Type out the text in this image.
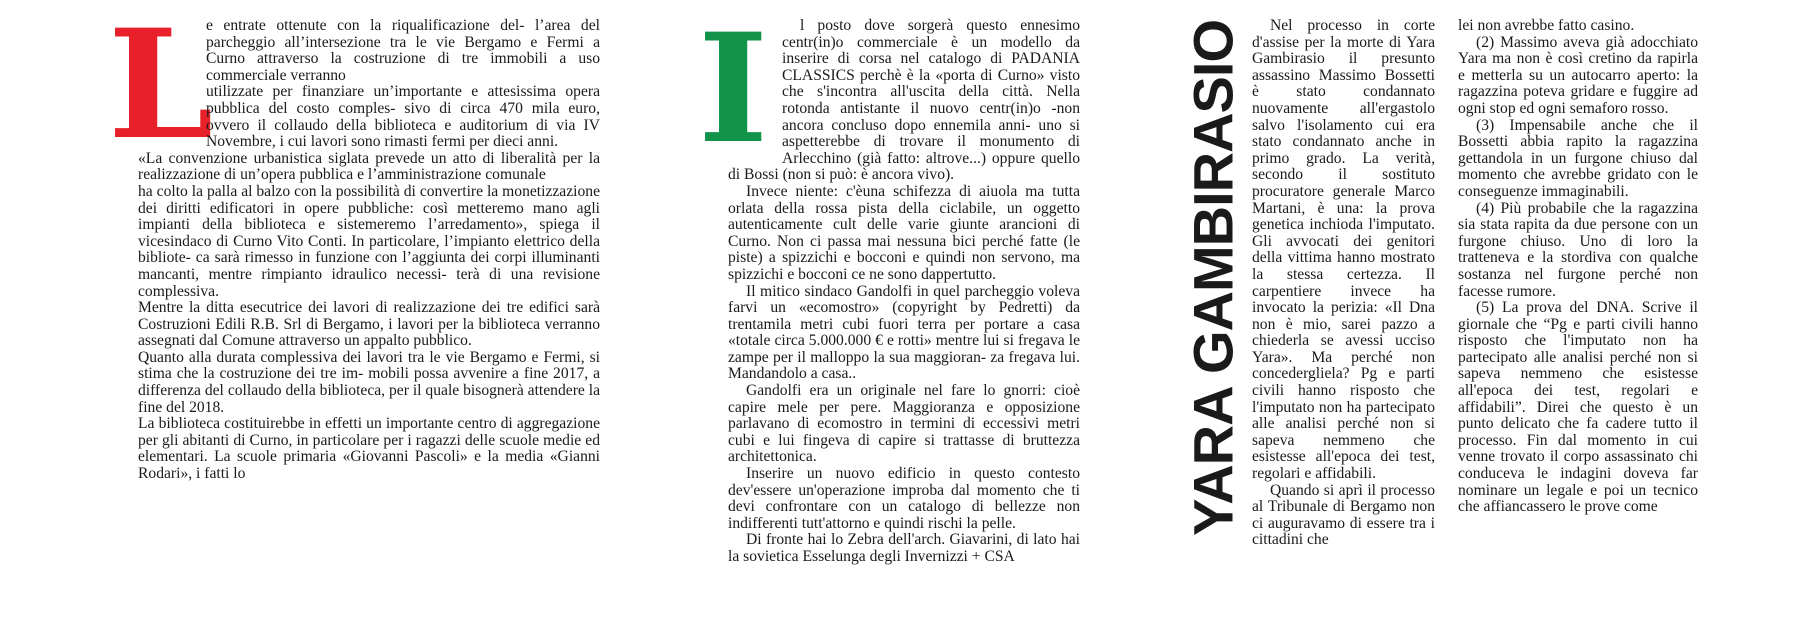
L

e entrate ottenute con la riqualificazione del- l’area del parcheggio all’intersezione tra le vie Bergamo e Fermi a Curno attraverso la costruzione di tre immobili a uso commerciale verranno

utilizzate per finanziare un’importante e attesissima opera pubblica del costo comples- sivo di circa 470 mila euro, ovvero il collaudo della biblioteca e auditorium di via IV Novembre, i cui lavori sono rimasti fermi per dieci anni.

«La convenzione urbanistica siglata prevede un atto di liberalità per la realizzazione di un’opera pubblica e l’amministrazione comunale

ha colto la palla al balzo con la possibilità di convertire la monetizzazione dei diritti edificatori in opere pubbliche: così metteremo mano agli impianti della biblioteca e sistemeremo l’arredamento», spiega il vicesindaco di Curno Vito Conti. In particolare, l’impianto elettrico della bibliote- ca sarà rimesso in funzione con l’aggiunta dei corpi illuminanti mancanti, mentre rimpianto idraulico necessi- terà di una revisione complessiva.

Mentre la ditta esecutrice dei lavori di realizzazione dei tre edifici sarà Costruzioni Edili R.B. Srl di Bergamo, i lavori per la biblioteca verranno assegnati dal Comune attraverso un appalto pubblico.

Quanto alla durata complessiva dei lavori tra le vie Bergamo e Fermi, si stima che la costruzione dei tre im- mobili possa avvenire a fine 2017, a differenza del collaudo della biblioteca, per il quale bisognerà attendere la fine del 2018.

La biblioteca costituirebbe in effetti un importante centro di aggregazione per gli abitanti di Curno, in particolare per i ragazzi delle scuole medie ed elementari. La scuole primaria «Giovanni Pascoli» e la media «Gianni Rodari», i fatti lo

I	l posto dove sorgerà questo ennesimo centr(in)o commerciale è un modello da inserire di corsa nel catalogo di PADANIA CLASSICS perchè è la «porta di Curno» visto che s'incontra all'uscita della città. Nella rotonda antistante il nuovo centr(in)o -non ancora concluso dopo ennemila anni- uno si aspetterebbe di trovare il monumento di Arlecchino (già fatto: altrove...) oppure quello di Bossi (non si può: è ancora vivo).

Invece niente: c'èuna schifezza di aiuola ma tutta orlata della rossa pista della ciclabile, un oggetto autenticamente cult delle varie giunte arancioni di Curno. Non ci passa mai nessuna bici perché fatte (le piste) a spizzichi e bocconi e quindi non servono, ma spizzichi e bocconi ce ne sono dappertutto.

Il mitico sindaco Gandolfi in quel parcheggio voleva farvi un «ecomostro» (copyright by Pedretti) da trentamila metri cubi fuori terra per portare a casa «totale circa 5.000.000 € e rotti» mentre lui si fregava le zampe per il malloppo la sua maggioran- za fregava lui. Mandandolo a casa..

Gandolfi era un originale nel fare lo gnorri: cioè capire mele per pere. Maggioranza e opposizione parlavano di ecomostro in termini di eccessivi metri cubi e lui fingeva di capire si trattasse di bruttezza architettonica.

Inserire un nuovo edificio in questo contesto dev'essere un'operazione improba dal momento che ti devi confrontare con un catalogo di bellezze non indifferenti tutt'attorno e quindi rischi la pelle.

Di fronte hai lo Zebra dell'arch. Giavarini, di lato hai la sovietica Esselunga degli Invernizzi + CSA

YARA GAMBIRASIO	Nel processo in corte d'assise per la morte di Yara Gambirasio il presunto assassino Massimo Bossetti è stato condannato nuovamente all'ergastolo salvo l'isolamento cui era stato condannato anche in primo grado. La verità, secondo il sostituto procuratore generale Marco Martani, è una: la prova genetica inchioda l'imputato. Gli avvocati dei genitori della vittima hanno mostrato la stessa certezza. Il carpentiere invece ha invocato la perizia: «Il Dna non è mio, sarei pazzo a chiederla se avessi ucciso Yara». Ma perché non concedergliela? Pg e parti civili hanno risposto che l'imputato non ha partecipato alle analisi perché non si sapeva nemmeno che esistesse all'epoca dei test, regolari e affidabili.

Quando si aprì il processo al Tribunale di Bergamo non ci auguravamo di essere tra i cittadini che

lei non avrebbe fatto casino.

(2) Massimo aveva già adocchiato Yara ma non è così cretino da rapirla e metterla su un autocarro aperto: la ragazzina poteva gridare e fuggire ad ogni stop ed ogni semaforo rosso.

(3) Impensabile anche che il Bossetti abbia rapito la ragazzina gettandola in un furgone chiuso dal momento che avrebbe gridato con le conseguenze immaginabili.

(4) Più probabile che la ragazzina sia stata rapita da due persone con un furgone chiuso. Uno di loro la tratteneva e la stordiva con qualche sostanza nel furgone perché non facesse rumore.

(5) La prova del DNA. Scrive il giornale che “Pg e parti civili hanno risposto che l'imputato non ha partecipato alle analisi perché non si sapeva nemmeno che esistesse all'epoca dei test, regolari e affidabili”. Direi che questo è un punto delicato che fa cadere tutto il processo. Fin dal momento in cui venne trovato il corpo assassinato chi conduceva le indagini doveva far nominare un legale e poi un tecnico che affiancassero le prove come
